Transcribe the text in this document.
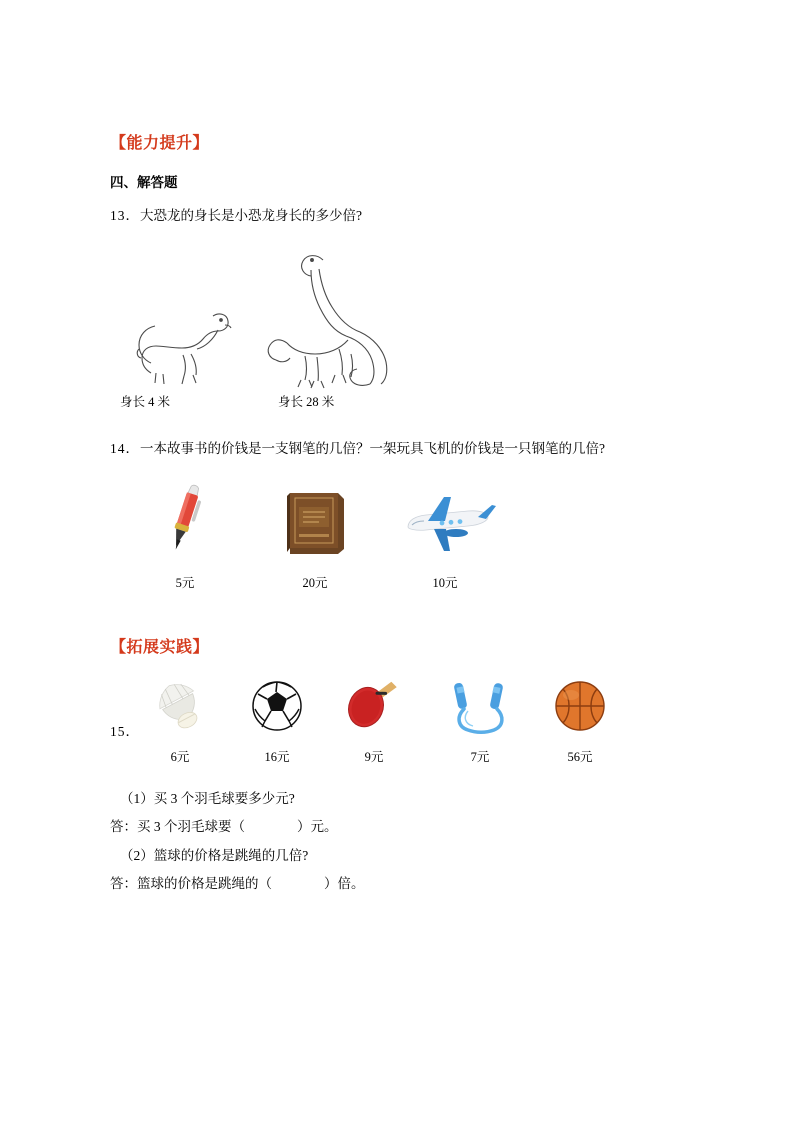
【能力提升】
四、解答题

13．大恐龙的身长是小恐龙身长的多少倍?

身长 4 米	身长 28 米

14．一本故事书的价钱是一支钢笔的几倍？一架玩具飞机的价钱是一只钢笔的几倍?

5元	20元	10元
【拓展实践】
15．
6元	16元	9元	7元	56元

（1）买 3 个羽毛球要多少元?

答：买 3 个羽毛球要（	）元。

（2）篮球的价格是跳绳的几倍?

答：篮球的价格是跳绳的（	）倍。
